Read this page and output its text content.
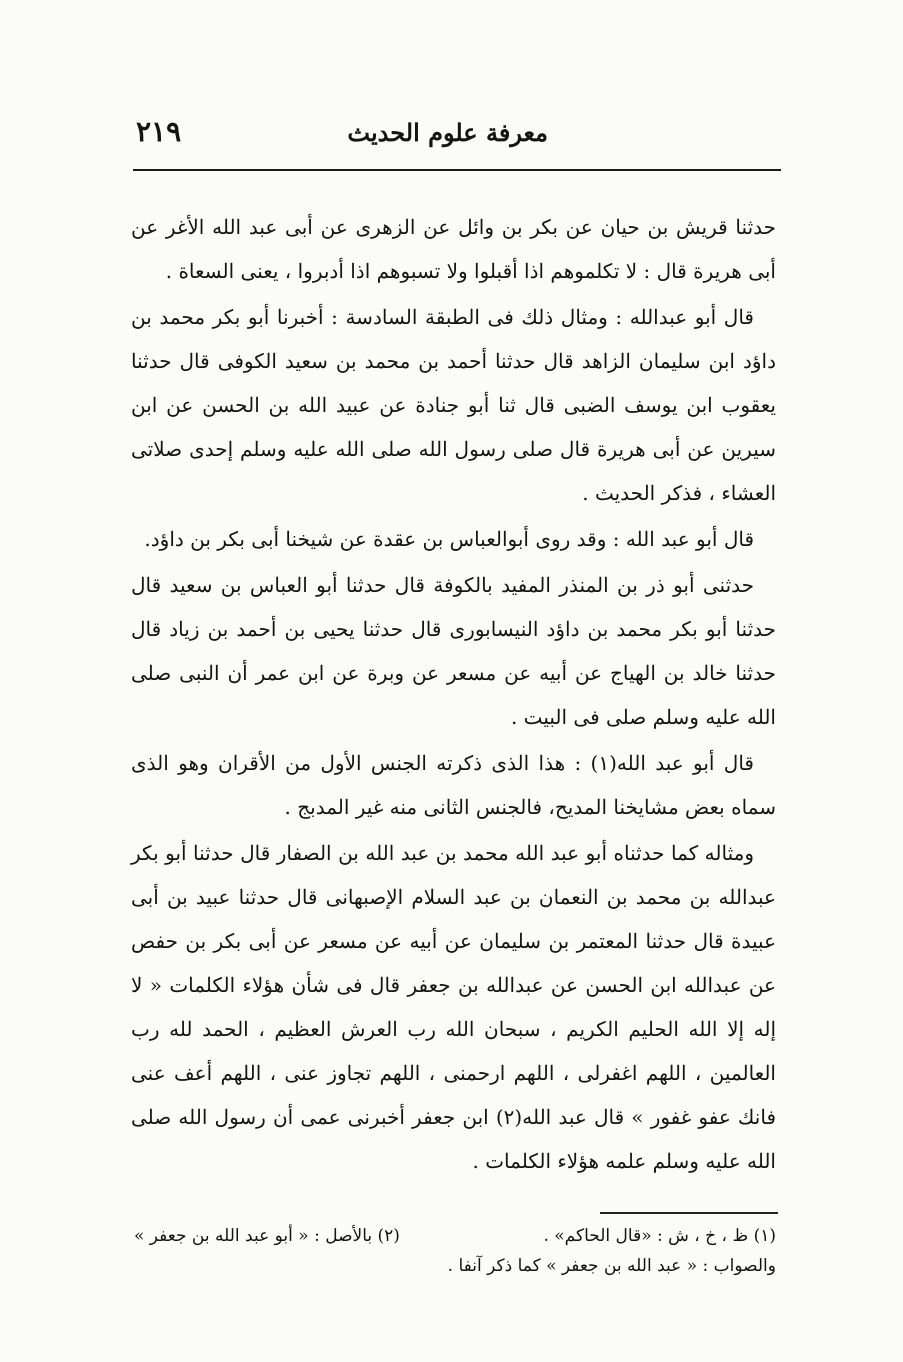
معرفة علوم الحديث
٢١٩

حدثنا قريش بن حيان عن بكر بن وائل عن الزهرى عن أبى عبد الله الأغر عن أبى هريرة قال : لا تكلموهم اذا أقبلوا ولا تسبوهم اذا أدبروا ، يعنى السعاة .

قال أبو عبدالله : ومثال ذلك فى الطبقة السادسة : أخبرنا أبو بكر محمد بن داؤد ابن سليمان الزاهد قال حدثنا أحمد بن محمد بن سعيد الكوفى قال حدثنا يعقوب ابن يوسف الضبى قال ثنا أبو جنادة عن عبيد الله بن الحسن عن ابن سيرين عن أبى هريرة قال صلى رسول الله صلى الله عليه وسلم إحدى صلاتى العشاء ، فذكر الحديث .

قال أبو عبد الله : وقد روى أبوالعباس بن عقدة عن شيخنا أبى بكر بن داؤد.

حدثنى أبو ذر بن المنذر المفيد بالكوفة قال حدثنا أبو العباس بن سعيد قال حدثنا أبو بكر محمد بن داؤد النيسابورى قال حدثنا يحيى بن أحمد بن زياد قال حدثنا خالد بن الهياج عن أبيه عن مسعر عن وبرة عن ابن عمر أن النبى صلى الله عليه وسلم صلى فى البيت .

قال أبو عبد الله(١) : هذا الذى ذكرته الجنس الأول من الأقران وهو الذى سماه بعض مشايخنا المديح، فالجنس الثانى منه غير المدبج .

ومثاله كما حدثناه أبو عبد الله محمد بن عبد الله بن الصفار قال حدثنا أبو بكر عبدالله بن محمد بن النعمان بن عبد السلام الإصبهانى قال حدثنا عبيد بن أبى عبيدة قال حدثنا المعتمر بن سليمان عن أبيه عن مسعر عن أبى بكر بن حفص عن عبدالله ابن الحسن عن عبدالله بن جعفر قال فى شأن هؤلاء الكلمات « لا إله إلا الله الحليم الكريم ، سبحان الله رب العرش العظيم ، الحمد لله رب العالمين ، اللهم اغفرلى ، اللهم ارحمنى ، اللهم تجاوز عنى ، اللهم أعف عنى فانك عفو غفور » قال عبد الله(٢) ابن جعفر أخبرنى عمى أن رسول الله صلى الله عليه وسلم علمه هؤلاء الكلمات .

(١) ظ ، خ ، ش : «قال الحاكم» .
(٢) بالأصل : « أبو عبد الله بن جعفر »
والصواب : « عبد الله بن جعفر » كما ذكر آنفا .
